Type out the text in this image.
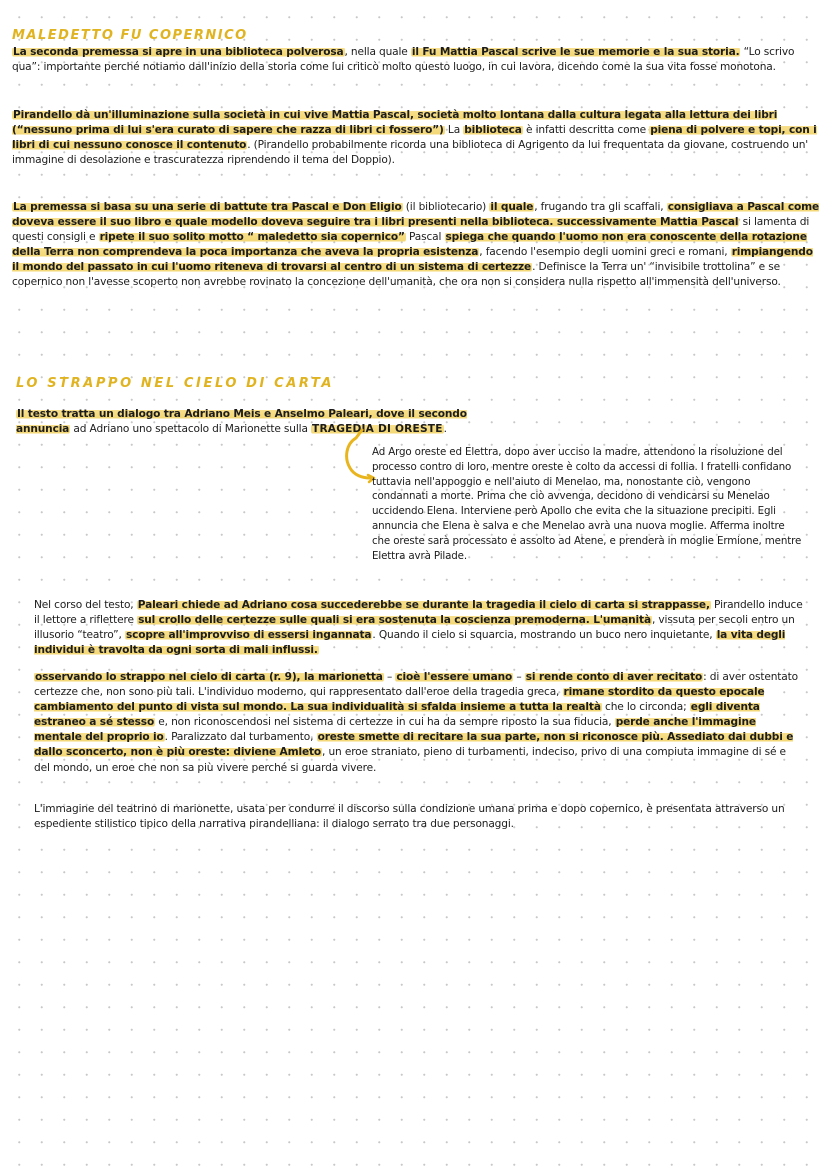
MALEDETTO FU COPERNICO
La seconda premessa si apre in una biblioteca polverosa, nella quale il Fu Mattia Pascal scrive le sue memorie e la sua storia. “Lo scrivo qua”: importante perché notiamo dall'inizio della storia come lui criticò molto questo luogo, in cui lavora, dicendo come la sua vita fosse monotona.
Pirandello dà un'illuminazione sulla società in cui vive Mattia Pascal, società molto lontana dalla cultura legata alla lettura dei libri (“nessuno prima di lui s'era curato di sapere che razza di libri ci fossero”) La biblioteca è infatti descritta come piena di polvere e topi, con i libri di cui nessuno conosce il contenuto. (Pirandello probabilmente ricorda una biblioteca di Agrigento da lui frequentata da giovane, costruendo un' immagine di desolazione e trascuratezza riprendendo il tema del Doppio).
La premessa si basa su una serie di battute tra Pascal e Don Eligio (il bibliotecario) il quale, frugando tra gli scaffali, consigliava a Pascal come doveva essere il suo libro e quale modello doveva seguire tra i libri presenti nella biblioteca. successivamente Mattia Pascal si lamenta di questi consigli e ripete il suo solito motto “ maledetto sia copernico” Pascal spiega che quando l'uomo non era conoscente della rotazione della Terra non comprendeva la poca importanza che aveva la propria esistenza, facendo l'esempio degli uomini greci e romani, rimpiangendo il mondo del passato in cui l'uomo riteneva di trovarsi al centro di un sistema di certezze. Definisce la Terra un' “invisibile trottolina” e se copernico non l'avesse scoperto non avrebbe rovinato la concezione dell'umanità, che ora non si considera nulla rispetto all'immensità dell'universo.
LO STRAPPO NEL CIELO DI CARTA
Il testo tratta un dialogo tra Adriano Meis e Anselmo Paleari, dove il secondo annuncia ad Adriano uno spettacolo di Marionette sulla TRAGEDIA DI ORESTE.
Ad Argo oreste ed Elettra, dopo aver ucciso la madre, attendono la risoluzione del processo contro di loro, mentre oreste è colto da accessi di follia. I fratelli confidano tuttavia nell'appoggio e nell'aiuto di Menelao, ma, nonostante ciò, vengono condannati a morte. Prima che ciò avvenga, decidono di vendicarsi su Menelao uccidendo Elena. Interviene però Apollo che evita che la situazione precipiti. Egli annuncia che Elena è salva e che Menelao avrà una nuova moglie. Afferma inoltre che oreste sarà processato e assolto ad Atene, e prenderà in moglie Ermione, mentre Elettra avrà Pilade.
Nel corso del testo, Paleari chiede ad Adriano cosa succederebbe se durante la tragedia il cielo di carta si strappasse, Pirandello induce il lettore a riflettere sul crollo delle certezze sulle quali si era sostenuta la coscienza premoderna. L'umanità, vissuta per secoli entro un illusorio “teatro”, scopre all'improvviso di essersi ingannata. Quando il cielo si squarcia, mostrando un buco nero inquietante, la vita degli individui è travolta da ogni sorta di mali influssi.
osservando lo strappo nel cielo di carta (r. 9), la marionetta – cioè l'essere umano – si rende conto di aver recitato: di aver ostentato certezze che, non sono più tali. L'individuo moderno, qui rappresentato dall'eroe della tragedia greca, rimane stordito da questo epocale cambiamento del punto di vista sul mondo. La sua individualità si sfalda insieme a tutta la realtà che lo circonda; egli diventa estraneo a sé stesso e, non riconoscendosi nel sistema di certezze in cui ha da sempre riposto la sua fiducia, perde anche l'immagine mentale del proprio io. Paralizzato dal turbamento, oreste smette di recitare la sua parte, non si riconosce più. Assediato dai dubbi e dallo sconcerto, non è più oreste: diviene Amleto, un eroe straniato, pieno di turbamenti, indeciso, privo di una compiuta immagine di sé e del mondo, un eroe che non sa più vivere perché si guarda vivere.
L'immagine del teatrino di marionette, usata per condurre il discorso sulla condizione umana prima e dopo copernico, è presentata attraverso un espediente stilistico tipico della narrativa pirandelliana: il dialogo serrato tra due personaggi.
